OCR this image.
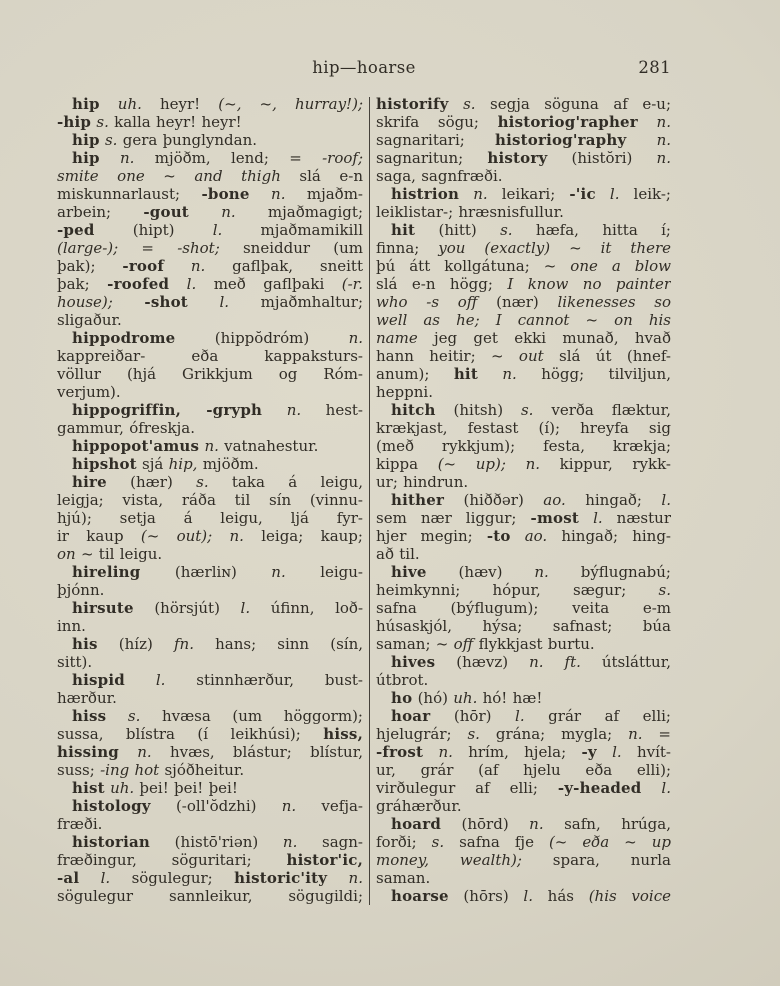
hip—hoarse	281
hip uh. heyr! (~, ~, hurray!);
-hip s. kalla heyr! heyr!
hip s. gera þunglyndan.
hip n. mjöðm, lend; = -roof;
smite one ~ and thigh slá e-n
miskunnarlaust; -bone n. mjaðm-
arbein; -gout n. mjaðmagigt;
-ped (hipt) l. mjaðmamikill
(large-); = -shot; sneiddur (um
þak); -roof n. gaflþak, sneitt
þak; -roofed l. með gaflþaki (-r.
house); -shot l. mjaðmhaltur;
sligaður.
hippodrome (hippŏdróm) n.
kappreiðar- eða kappaksturs-
völlur (hjá Grikkjum og Róm-
verjum).
hippogriffin, -gryph n. hest-
gammur, ófreskja.
hippopot'amus n. vatnahestur.
hipshot sjá hip, mjöðm.
hire (hær) s. taka á leigu,
leigja; vista, ráða til sín (vinnu-
hjú); setja á leigu, ljá fyr-
ir kaup (~ out); n. leiga; kaup;
on ~ til leigu.
hireling (hærliɴ) n. leigu-
þjónn.
hirsute (hörsjút) l. úfinn, loð-
inn.
his (híz) fn. hans; sinn (sín,
sitt).
hispid l. stinnhærður, bust-
hærður.
hiss s. hvæsa (um höggorm);
sussa, blístra (í leikhúsi); hiss,
hissing n. hvæs, blástur; blístur,
suss; -ing hot sjóðheitur.
hist uh. þei! þei! þei!
histology (-oll'ŏdzhi) n. vefja-
fræði.
historian (histō'riən) n. sagn-
fræðingur, söguritari; histor'ic,
-al l. sögulegur; historic'ity n.
sögulegur sannleikur, sögugildi;
historify s. segja söguna af e-u;
skrifa sögu; historiog'rapher n.
sagnaritari; historiog'raphy n.
sagnaritun; history (histŏri) n.
saga, sagnfræði.
histrion n. leikari; -'ic l. leik-;
leiklistar-; hræsnisfullur.
hit (hitt) s. hæfa, hitta í;
finna; you (exactly) ~ it there
þú átt kollgátuna; ~ one a blow
slá e-n högg; I know no painter
who -s off (nær) likenesses so
well as he; I cannot ~ on his
name jeg get ekki munað, hvað
hann heitir; ~ out slá út (hnef-
anum); hit n. högg; tilviljun,
heppni.
hitch (hitsh) s. verða flæktur,
krækjast, festast (í); hreyfa sig
(með rykkjum); festa, krækja;
kippa (~ up); n. kippur, rykk-
ur; hindrun.
hither (hiððər) ao. hingað; l.
sem nær liggur; -most l. næstur
hjer megin; -to ao. hingað; hing-
að til.
hive (hæv) n. býflugnabú;
heimkynni; hópur, sægur; s.
safna (býflugum); veita e-m
húsaskjól, hýsa; safnast; búa
saman; ~ off flykkjast burtu.
hives (hævz) n. ft. útsláttur,
útbrot.
ho (hó) uh. hó! hæ!
hoar (hōr) l. grár af elli;
hjelugrár; s. grána; mygla; n. =
-frost n. hrím, hjela; -y l. hvít-
ur, grár (af hjelu eða elli);
virðulegur af elli; -y-headed l.
gráhærður.
hoard (hōrd) n. safn, hrúga,
forði; s. safna fje (~ eða ~ up
money, wealth); spara, nurla
saman.
hoarse (hōrs) l. hás (his voice
